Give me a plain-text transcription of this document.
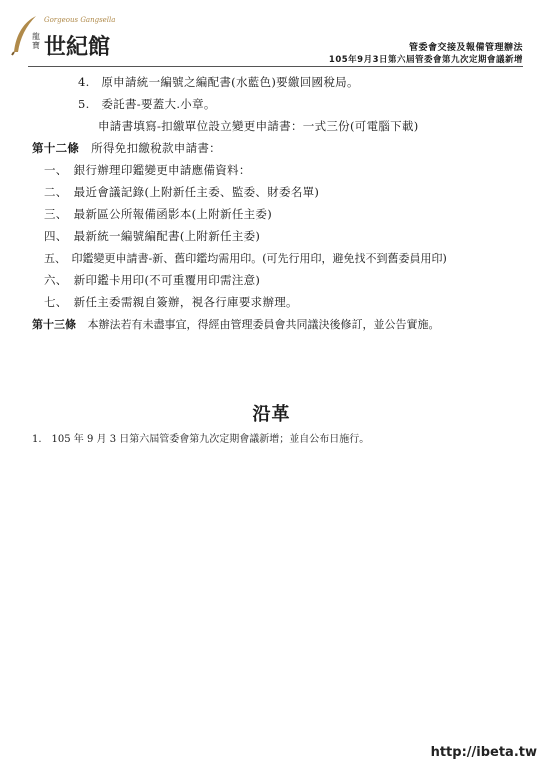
Gorgeous Gangsella
龍寶 世紀館	管委會交接及報備管理辦法
105年9月3日第六屆管委會第九次定期會議新增
4.　原申請統一編號之編配書(水藍色)要繳回國稅局。
5.　委託書-要蓋大.小章。
申請書填寫-扣繳單位設立變更申請書：一式三份(可電腦下載)
第十二條 所得免扣繳稅款申請書：
一、　銀行辦理印鑑變更申請應備資料：
二、　最近會議記錄(上附新任主委、監委、財委名單)
三、　最新區公所報備函影本(上附新任主委)
四、　最新統一編號編配書(上附新任主委)
五、　印鑑變更申請書-新、舊印鑑均需用印。(可先行用印，避免找不到舊委員用印)
六、　新印鑑卡用印(不可重覆用印需注意)
七、　新任主委需親自簽辦，視各行庫要求辦理。
第十三條 本辦法若有未盡事宜，得經由管理委員會共同議決後修訂，並公告實施。
沿革
1.　105 年 9 月 3 日第六屆管委會第九次定期會議新增；並自公布日施行。
http://ibeta.tw
